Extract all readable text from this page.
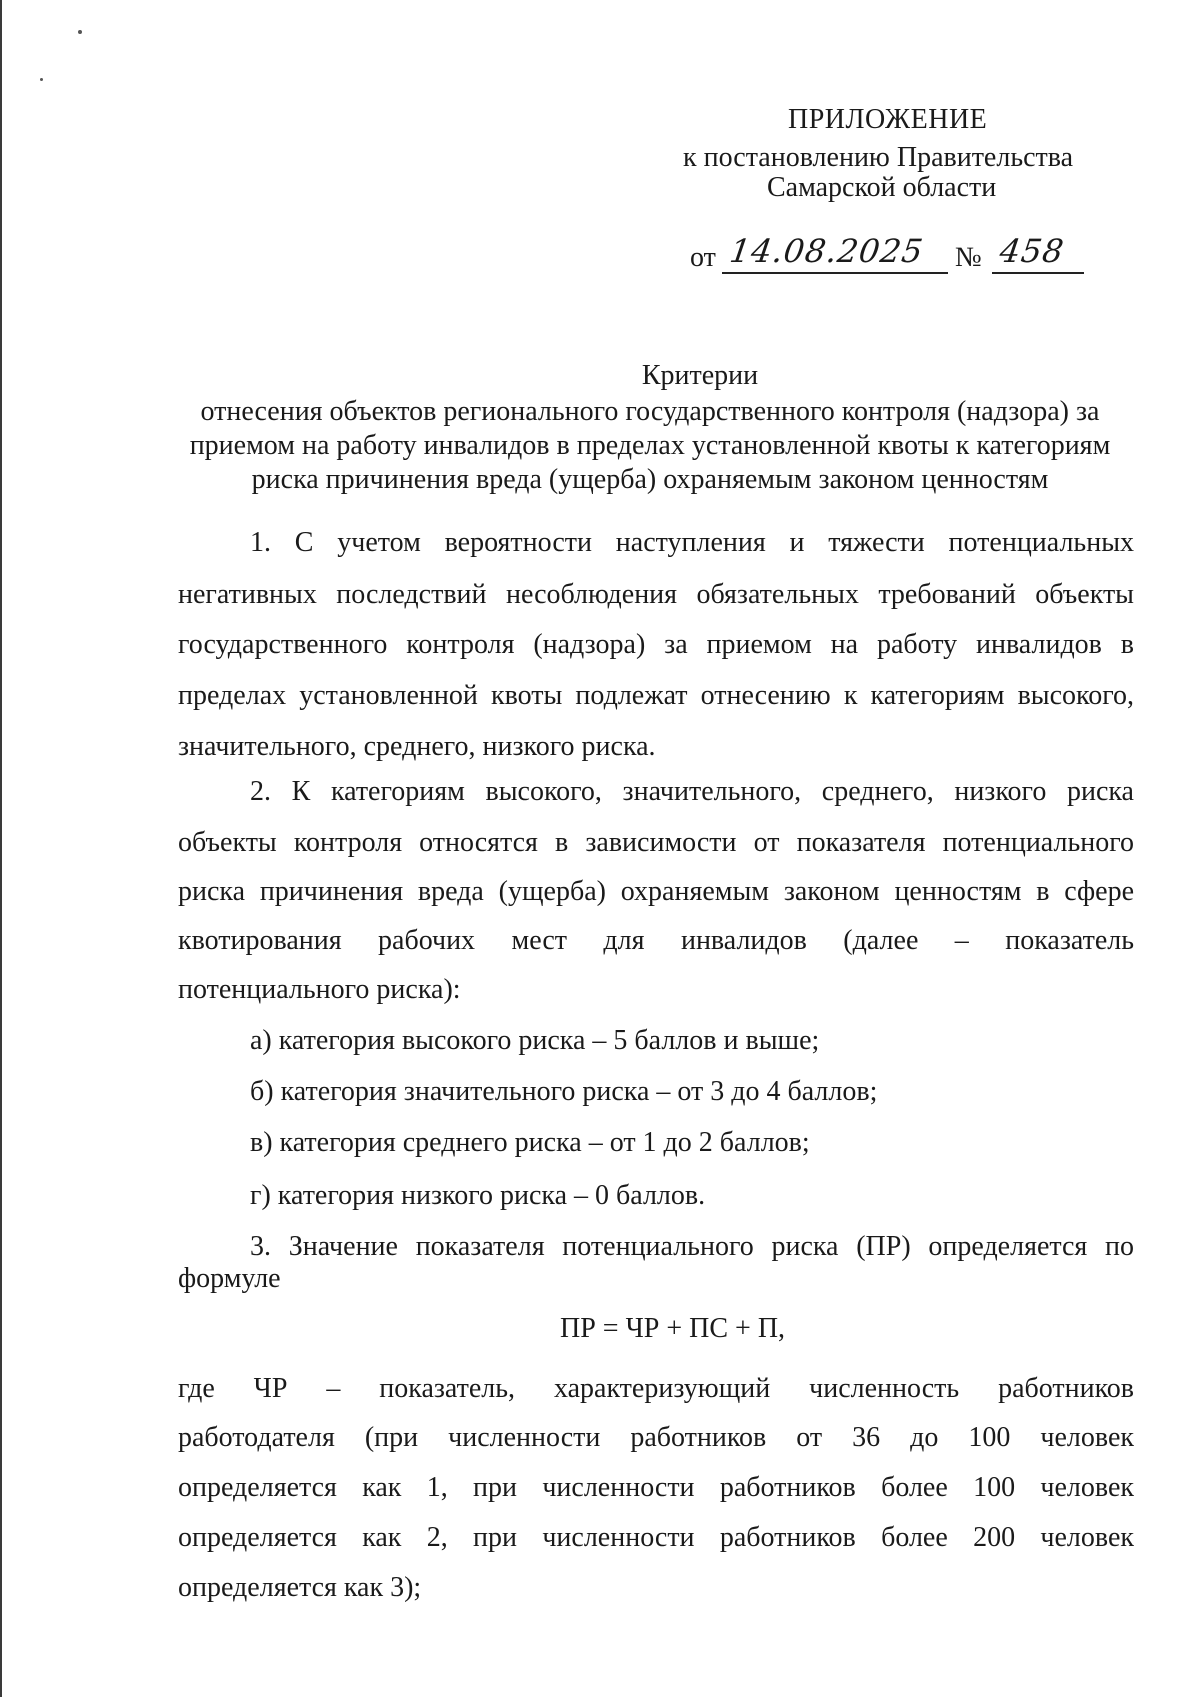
ПРИЛОЖЕНИЕ
к постановлению Правительства
Самарской области
от 14.08.2025 № 458
Критерии
отнесения объектов регионального государственного контроля (надзора) за
приемом на работу инвалидов в пределах установленной квоты к категориям
риска причинения вреда (ущерба) охраняемым законом ценностям
1. С учетом вероятности наступления и тяжести потенциальных
негативных последствий несоблюдения обязательных требований объекты
государственного контроля (надзора) за приемом на работу инвалидов в
пределах установленной квоты подлежат отнесению к категориям высокого,
значительного, среднего, низкого риска.
2. К категориям высокого, значительного, среднего, низкого риска
объекты контроля относятся в зависимости от показателя потенциального
риска причинения вреда (ущерба) охраняемым законом ценностям в сфере
квотирования рабочих мест для инвалидов (далее – показатель
потенциального риска):
а) категория высокого риска – 5 баллов и выше;
б) категория значительного риска – от 3 до 4 баллов;
в) категория среднего риска – от 1 до 2 баллов;
г) категория низкого риска – 0 баллов.
3. Значение показателя потенциального риска (ПР) определяется по
формуле
ПР = ЧР + ПС + П,
где ЧР – показатель, характеризующий численность работников
работодателя (при численности работников от 36 до 100 человек
определяется как 1, при численности работников более 100 человек
определяется как 2, при численности работников более 200 человек
определяется как 3);
